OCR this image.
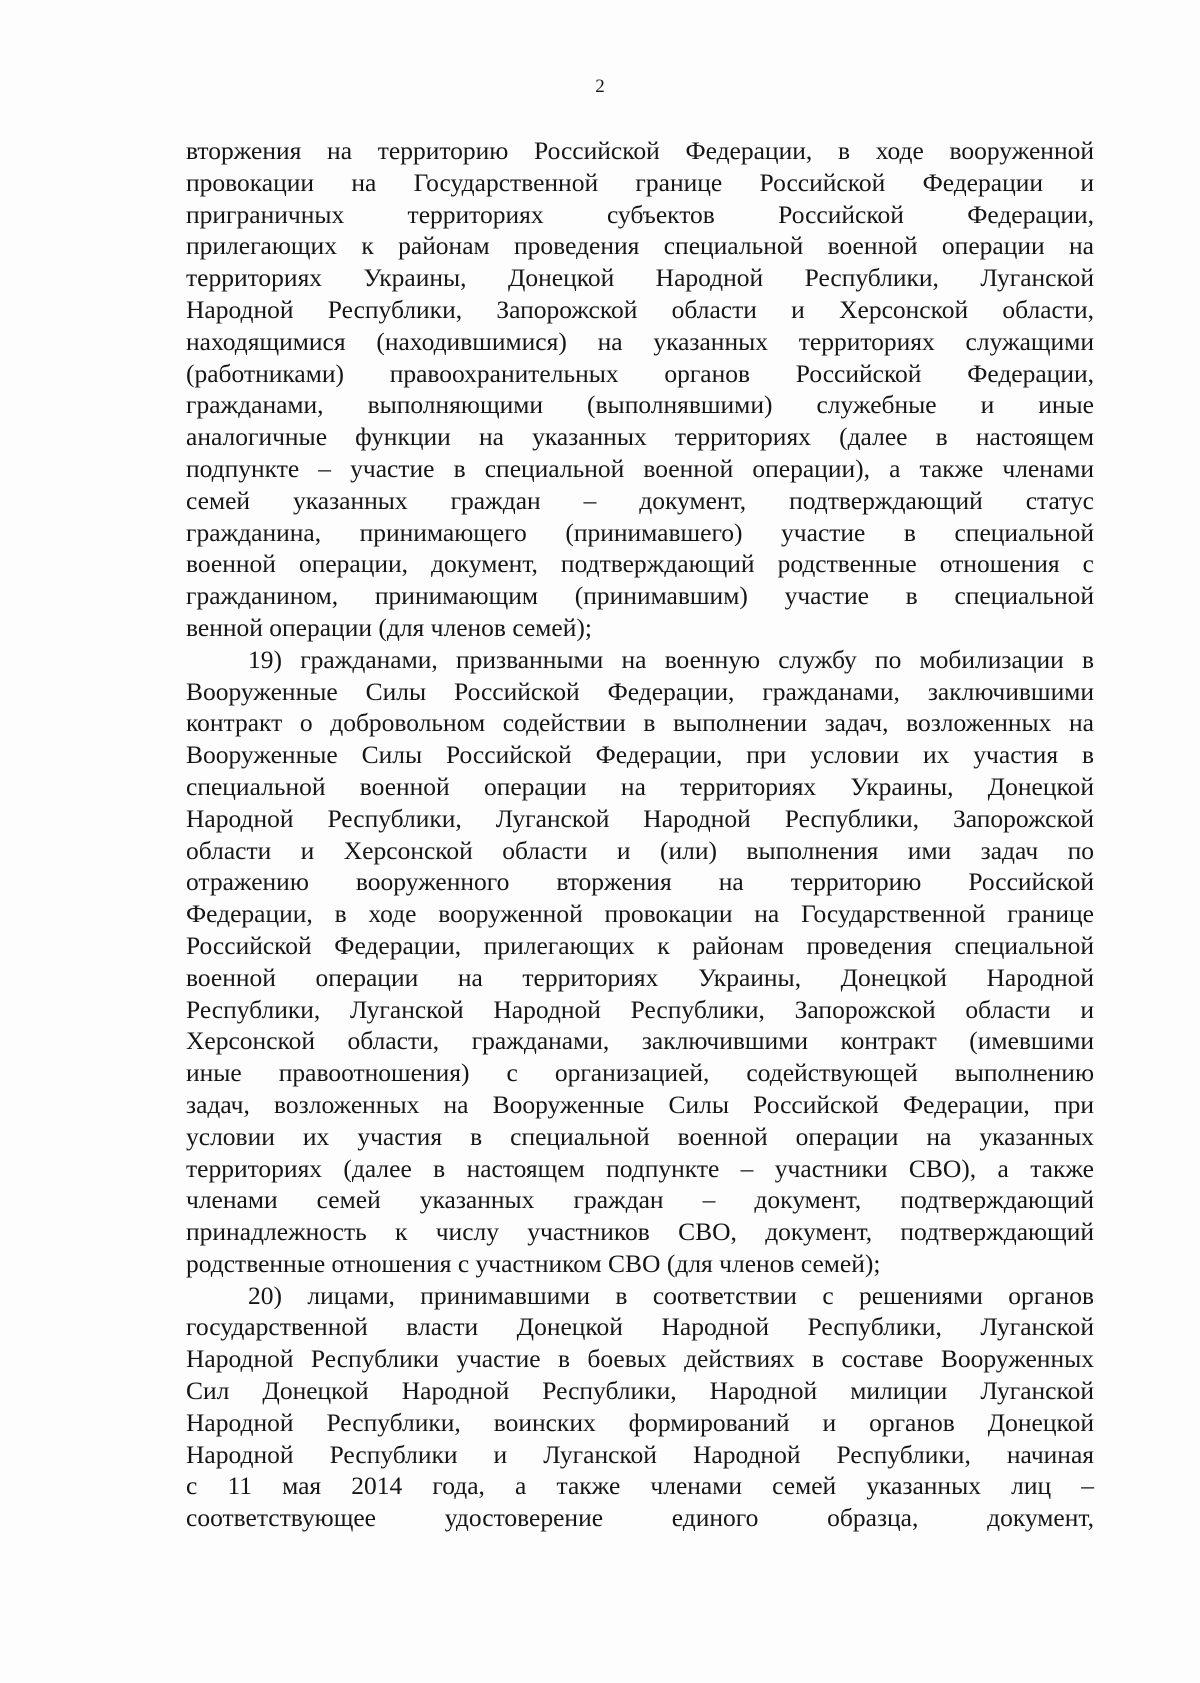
2
вторжения на территорию Российской Федерации, в ходе вооруженной
провокации на Государственной границе Российской Федерации и
приграничных территориях субъектов Российской Федерации,
прилегающих к районам проведения специальной военной операции на
территориях Украины, Донецкой Народной Республики, Луганской
Народной Республики, Запорожской области и Херсонской области,
находящимися (находившимися) на указанных территориях служащими
(работниками) правоохранительных органов Российской Федерации,
гражданами, выполняющими (выполнявшими) служебные и иные
аналогичные функции на указанных территориях (далее в настоящем
подпункте – участие в специальной военной операции), а также членами
семей указанных граждан – документ, подтверждающий статус
гражданина, принимающего (принимавшего) участие в специальной
военной операции, документ, подтверждающий родственные отношения с
гражданином, принимающим (принимавшим) участие в специальной
венной операции (для членов семей);
19) гражданами, призванными на военную службу по мобилизации в
Вооруженные Силы Российской Федерации, гражданами, заключившими
контракт о добровольном содействии в выполнении задач, возложенных на
Вооруженные Силы Российской Федерации, при условии их участия в
специальной военной операции на территориях Украины, Донецкой
Народной Республики, Луганской Народной Республики, Запорожской
области и Херсонской области и (или) выполнения ими задач по
отражению вооруженного вторжения на территорию Российской
Федерации, в ходе вооруженной провокации на Государственной границе
Российской Федерации, прилегающих к районам проведения специальной
военной операции на территориях Украины, Донецкой Народной
Республики, Луганской Народной Республики, Запорожской области и
Херсонской области, гражданами, заключившими контракт (имевшими
иные правоотношения) с организацией, содействующей выполнению
задач, возложенных на Вооруженные Силы Российской Федерации, при
условии их участия в специальной военной операции на указанных
территориях (далее в настоящем подпункте – участники СВО), а также
членами семей указанных граждан – документ, подтверждающий
принадлежность к числу участников СВО, документ, подтверждающий
родственные отношения с участником СВО (для членов семей);
20) лицами, принимавшими в соответствии с решениями органов
государственной власти Донецкой Народной Республики, Луганской
Народной Республики участие в боевых действиях в составе Вооруженных
Сил Донецкой Народной Республики, Народной милиции Луганской
Народной Республики, воинских формирований и органов Донецкой
Народной Республики и Луганской Народной Республики, начиная
с 11 мая 2014 года, а также членами семей указанных лиц –
соответствующее удостоверение единого образца, документ,
